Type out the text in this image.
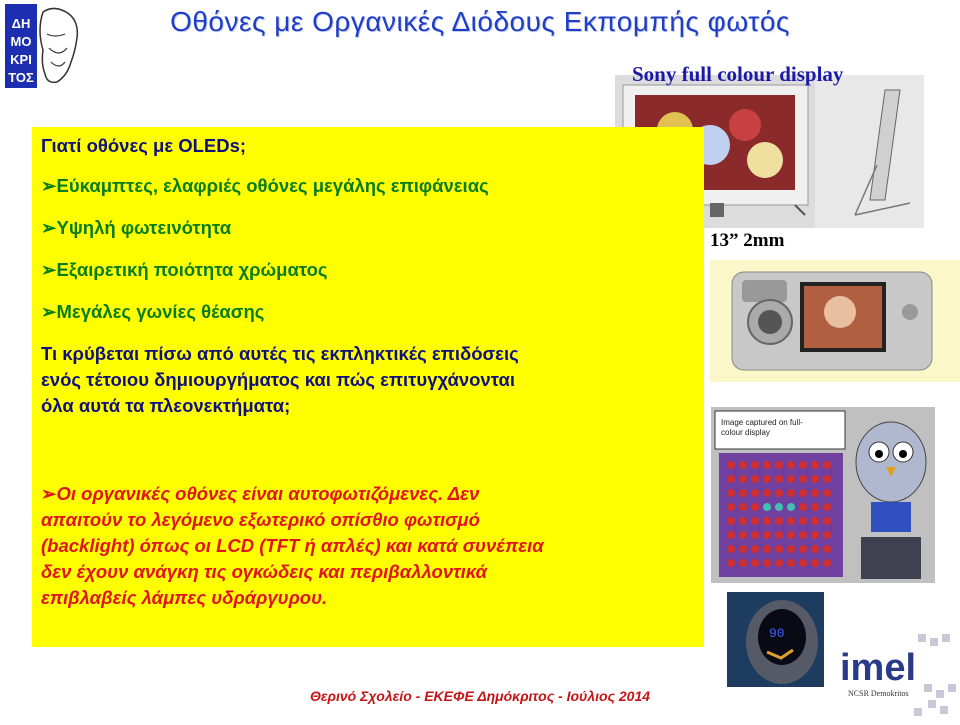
ΔΗ
ΜΟ
ΚΡΙ
ΤΟΣ
Οθόνες με Οργανικές Διόδους Εκπομπής φωτός
Sony full colour display
13” 2mm
Image captured on full-
colour display
90
imel
NCSR Demokritos
Γιατί οθόνες με OLEDs;
➢Εύκαμπτες, ελαφριές οθόνες μεγάλης επιφάνειας
➢Υψηλή φωτεινότητα
➢Εξαιρετική ποιότητα χρώματος
➢Μεγάλες γωνίες θέασης
Τι κρύβεται πίσω από αυτές τις εκπληκτικές επιδόσεις
ενός τέτοιου δημιουργήματος και πώς επιτυγχάνονται
όλα αυτά τα πλεονεκτήματα;
➢Οι οργανικές οθόνες είναι αυτοφωτιζόμενες. Δεν
απαιτούν το λεγόμενο εξωτερικό οπίσθιο φωτισμό
(backlight) όπως οι LCD (TFT ή απλές) και κατά συνέπεια
δεν έχουν ανάγκη τις ογκώδεις και περιβαλλοντικά
επιβλαβείς λάμπες υδράργυρου.
Θερινό Σχολείο - ΕΚΕΦΕ Δημόκριτος - Ιούλιος 2014
